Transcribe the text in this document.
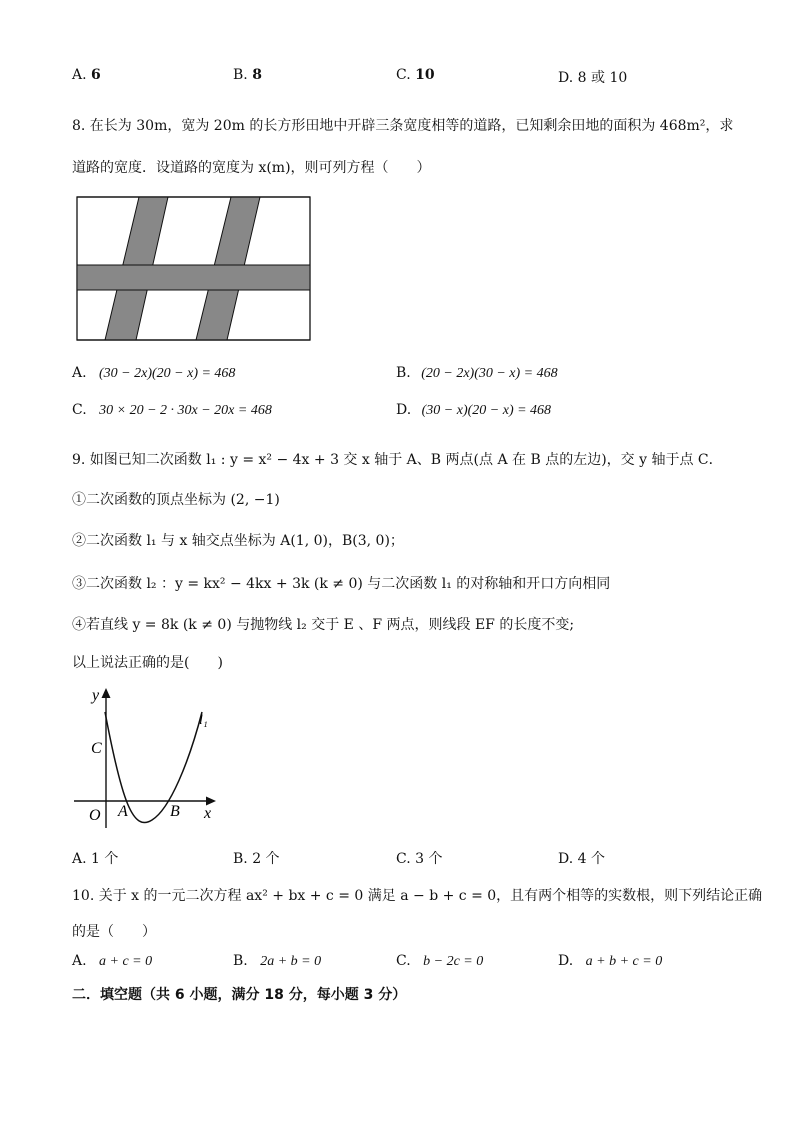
A. 6	B. 8	C. 10	D. 8 或 10
8. 在长为 30m，宽为 20m 的长方形田地中开辟三条宽度相等的道路，已知剩余田地的面积为 468m²，求
道路的宽度．设道路的宽度为 x(m)，则可列方程（　　）
A. (30 − 2x)(20 − x) = 468	B. (20 − 2x)(30 − x) = 468
C. 30 × 20 − 2 · 30x − 20x = 468	D. (30 − x)(20 − x) = 468
9. 如图已知二次函数 l₁ : y = x² − 4x + 3 交 x 轴于 A、B 两点(点 A 在 B 点的左边)，交 y 轴于点 C．
①二次函数的顶点坐标为 (2, −1)
②二次函数 l₁ 与 x 轴交点坐标为 A(1, 0)，B(3, 0)；
③二次函数 l₂ ：y = kx² − 4kx + 3k (k ≠ 0) 与二次函数 l₁ 的对称轴和开口方向相同
④若直线 y = 8k (k ≠ 0) 与抛物线 l₂ 交于 E 、F 两点，则线段 EF 的长度不变;
以上说法正确的是(　　)
y
x
O A	B
C
l₁
A. 1 个	B. 2 个	C. 3 个	D. 4 个
10. 关于 x 的一元二次方程 ax² + bx + c = 0 满足 a − b + c = 0，且有两个相等的实数根，则下列结论正确
的是（　　）
A. a + c = 0	B. 2a + b = 0	C. b − 2c = 0	D. a + b + c = 0
二．填空题（共 6 小题，满分 18 分，每小题 3 分）
